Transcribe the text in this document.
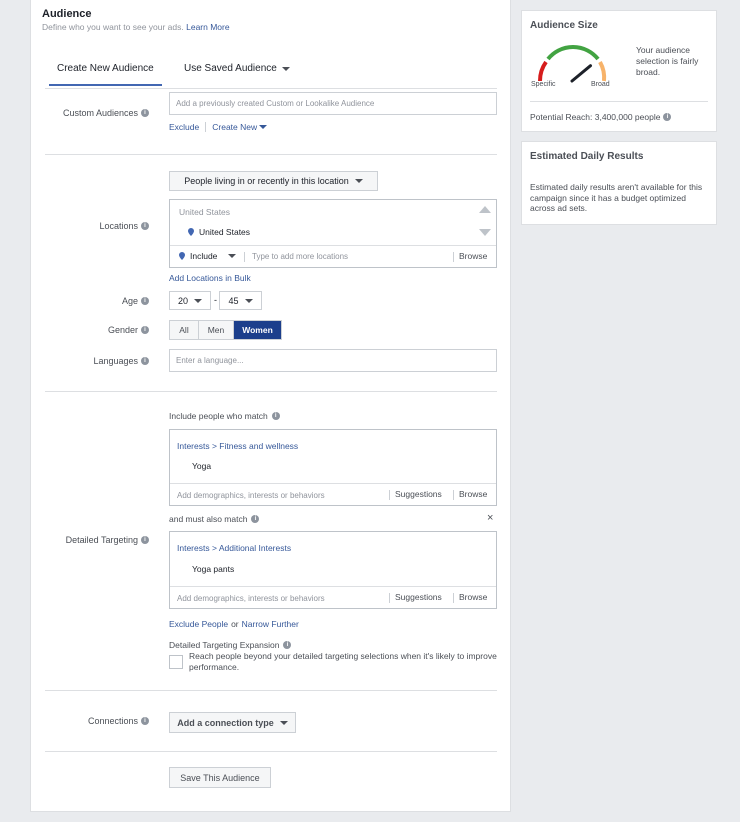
Audience
Define who you want to see your ads. Learn More
Create New Audience	Use Saved Audience
Custom Audiences	i
Add a previously created Custom or Lookalike Audience
Exclude Create New
People living in or recently in this location
Locations	i
United States
United States
Include
Type to add more locations	Browse
Add Locations in Bulk
Age	i	20	- 45
Gender	i	All	Men	Women
Languages	i
Enter a language...
Include people who match	i
Interests > Fitness and wellness
Yoga
Add demographics, interests or behaviors
Suggestions Browse
Detailed Targeting	i
and must also match	i	×
Interests > Additional Interests
Yoga pants
Add demographics, interests or behaviors
Suggestions Browse
Exclude People or Narrow Further
Detailed Targeting Expansion	i
Reach people beyond your detailed targeting selections when it's likely to improve performance.
Connections	i	Add a connection type
Save This Audience
Audience Size
Specific	Broad
Your audience selection is fairly broad.
Potential Reach: 3,400,000 people	i
Estimated Daily Results
Estimated daily results aren't available for this campaign since it has a budget optimized across ad sets.
